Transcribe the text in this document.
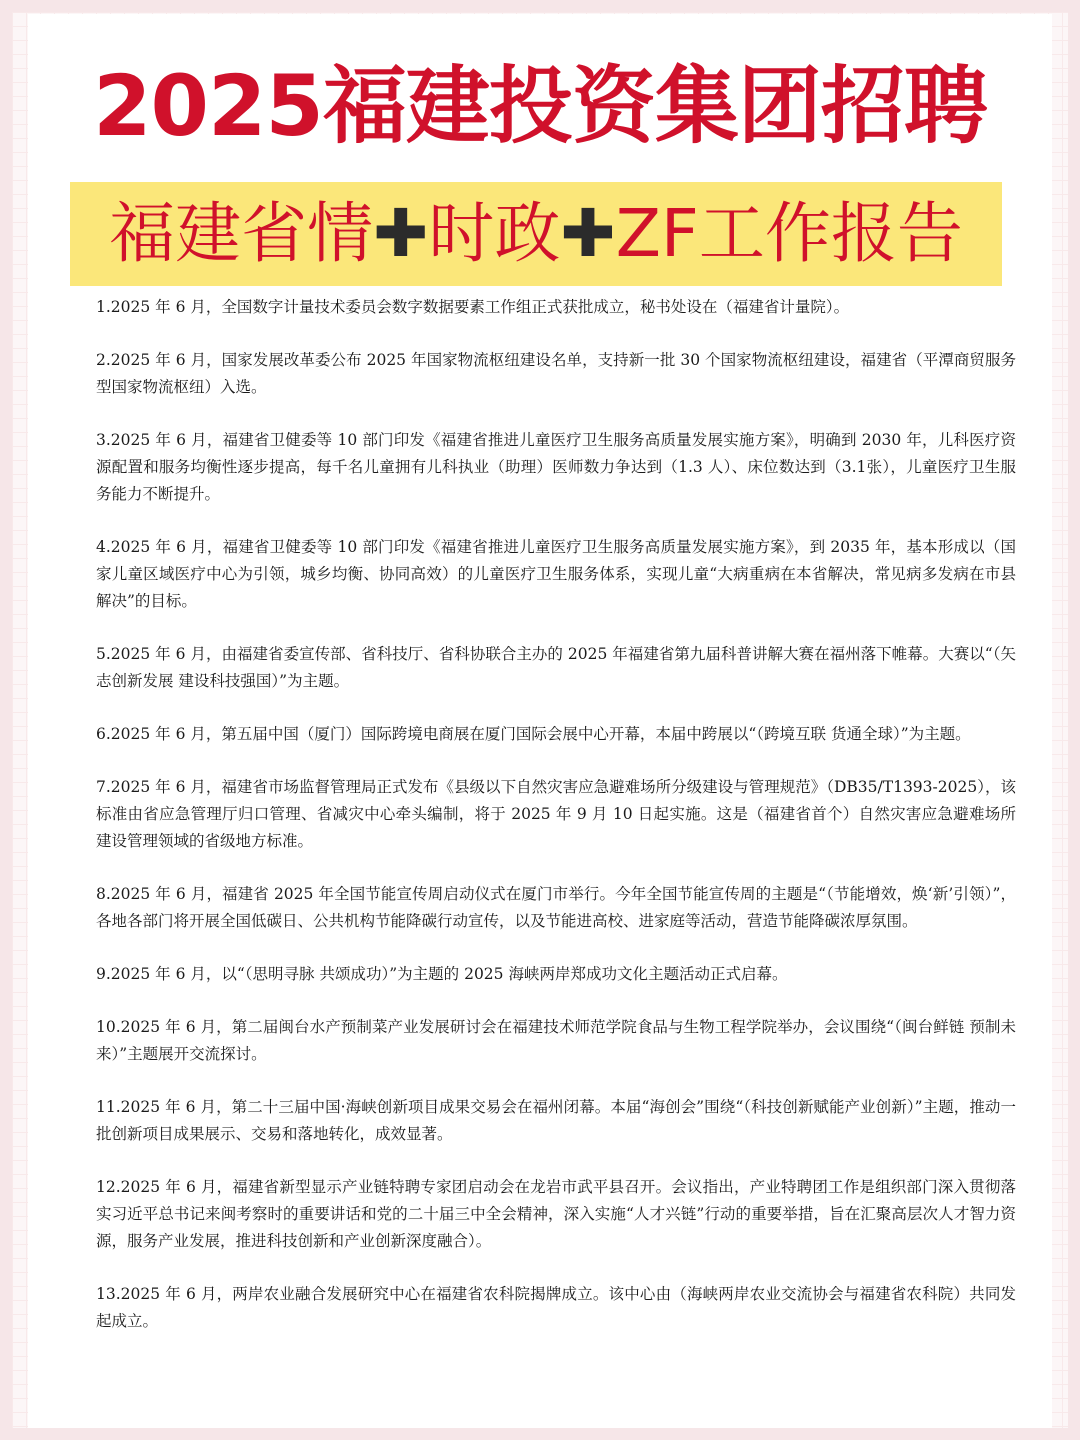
2025福建投资集团招聘
福建省情✚时政✚ZF工作报告
1.2025 年 6 月，全国数字计量技术委员会数字数据要素工作组正式获批成立，秘书处设在（福建省计量院）。
2.2025 年 6 月，国家发展改革委公布 2025 年国家物流枢纽建设名单，支持新一批 30 个国家物流枢纽建设，福建省（平潭商贸服务型国家物流枢纽）入选。
3.2025 年 6 月，福建省卫健委等 10 部门印发《福建省推进儿童医疗卫生服务高质量发展实施方案》，明确到 2030 年，儿科医疗资源配置和服务均衡性逐步提高，每千名儿童拥有儿科执业（助理）医师数力争达到（1.3 人）、床位数达到（3.1张），儿童医疗卫生服务能力不断提升。
4.2025 年 6 月，福建省卫健委等 10 部门印发《福建省推进儿童医疗卫生服务高质量发展实施方案》，到 2035 年，基本形成以（国家儿童区域医疗中心为引领，城乡均衡、协同高效）的儿童医疗卫生服务体系，实现儿童“大病重病在本省解决，常见病多发病在市县解决”的目标。
5.2025 年 6 月，由福建省委宣传部、省科技厅、省科协联合主办的 2025 年福建省第九届科普讲解大赛在福州落下帷幕。大赛以“（矢志创新发展 建设科技强国）”为主题。
6.2025 年 6 月，第五届中国（厦门）国际跨境电商展在厦门国际会展中心开幕，本届中跨展以“（跨境互联 货通全球）”为主题。
7.2025 年 6 月，福建省市场监督管理局正式发布《县级以下自然灾害应急避难场所分级建设与管理规范》（DB35/T1393-2025），该标准由省应急管理厅归口管理、省减灾中心牵头编制，将于 2025 年 9 月 10 日起实施。这是（福建省首个）自然灾害应急避难场所建设管理领域的省级地方标准。
8.2025 年 6 月，福建省 2025 年全国节能宣传周启动仪式在厦门市举行。今年全国节能宣传周的主题是“（节能增效，焕‘新’引领）”，各地各部门将开展全国低碳日、公共机构节能降碳行动宣传，以及节能进高校、进家庭等活动，营造节能降碳浓厚氛围。
9.2025 年 6 月，以“（思明寻脉 共颂成功）”为主题的 2025 海峡两岸郑成功文化主题活动正式启幕。
10.2025 年 6 月，第二届闽台水产预制菜产业发展研讨会在福建技术师范学院食品与生物工程学院举办，会议围绕“（闽台鲜链 预制未来）”主题展开交流探讨。
11.2025 年 6 月，第二十三届中国·海峡创新项目成果交易会在福州闭幕。本届“海创会”围绕“（科技创新赋能产业创新）”主题，推动一批创新项目成果展示、交易和落地转化，成效显著。
12.2025 年 6 月，福建省新型显示产业链特聘专家团启动会在龙岩市武平县召开。会议指出，产业特聘团工作是组织部门深入贯彻落实习近平总书记来闽考察时的重要讲话和党的二十届三中全会精神，深入实施“人才兴链”行动的重要举措，旨在汇聚高层次人才智力资源，服务产业发展，推进科技创新和产业创新深度融合）。
13.2025 年 6 月，两岸农业融合发展研究中心在福建省农科院揭牌成立。该中心由（海峡两岸农业交流协会与福建省农科院）共同发起成立。
